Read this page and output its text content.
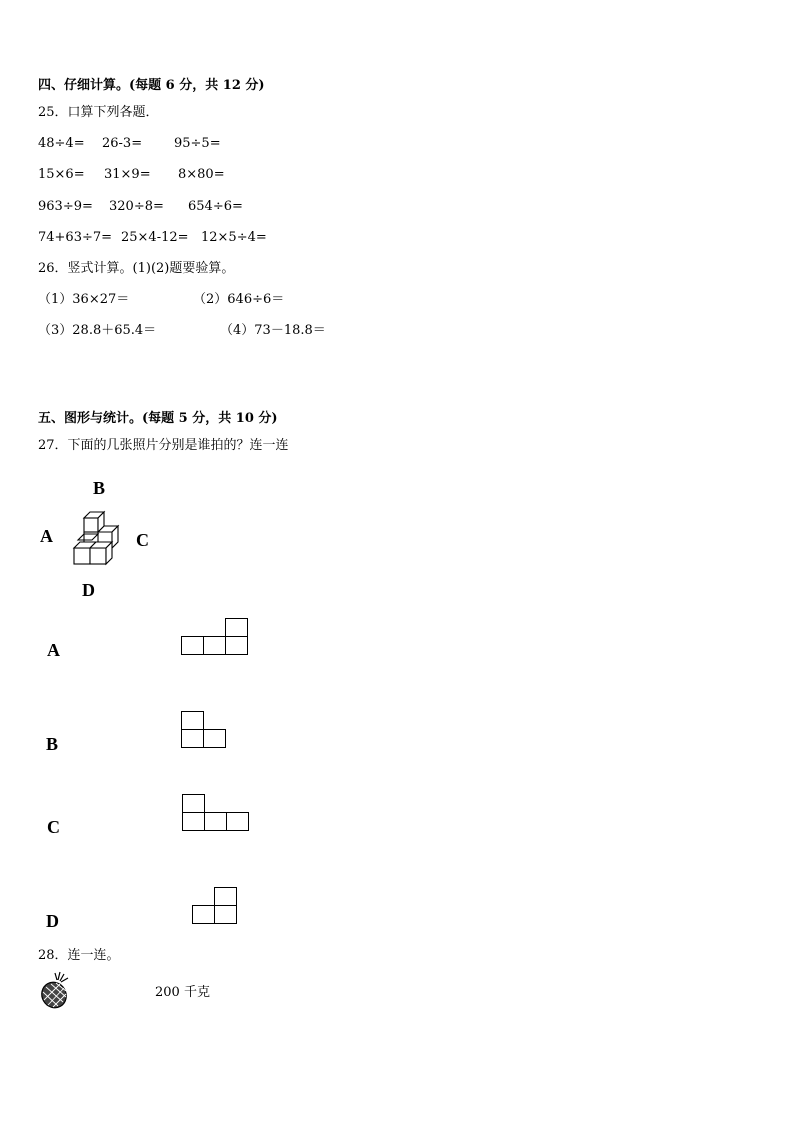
四、仔细计算。(每题 6 分，共 12 分)
25．口算下列各题．
48÷4= 26-3= 95÷5=
15×6= 31×9= 8×80=
963÷9= 320÷8= 654÷6=
74+63÷7= 25×4-12= 12×5÷4=
26．竖式计算。(1)(2)题要验算。
（1）36×27＝	（2）646÷6＝
（3）28.8＋65.4＝	（4）73－18.8＝
五、图形与统计。(每题 5 分，共 10 分)
27．下面的几张照片分别是谁拍的？连一连
B
A	C
D
A
B
C
D
28．连一连。
200 千克
